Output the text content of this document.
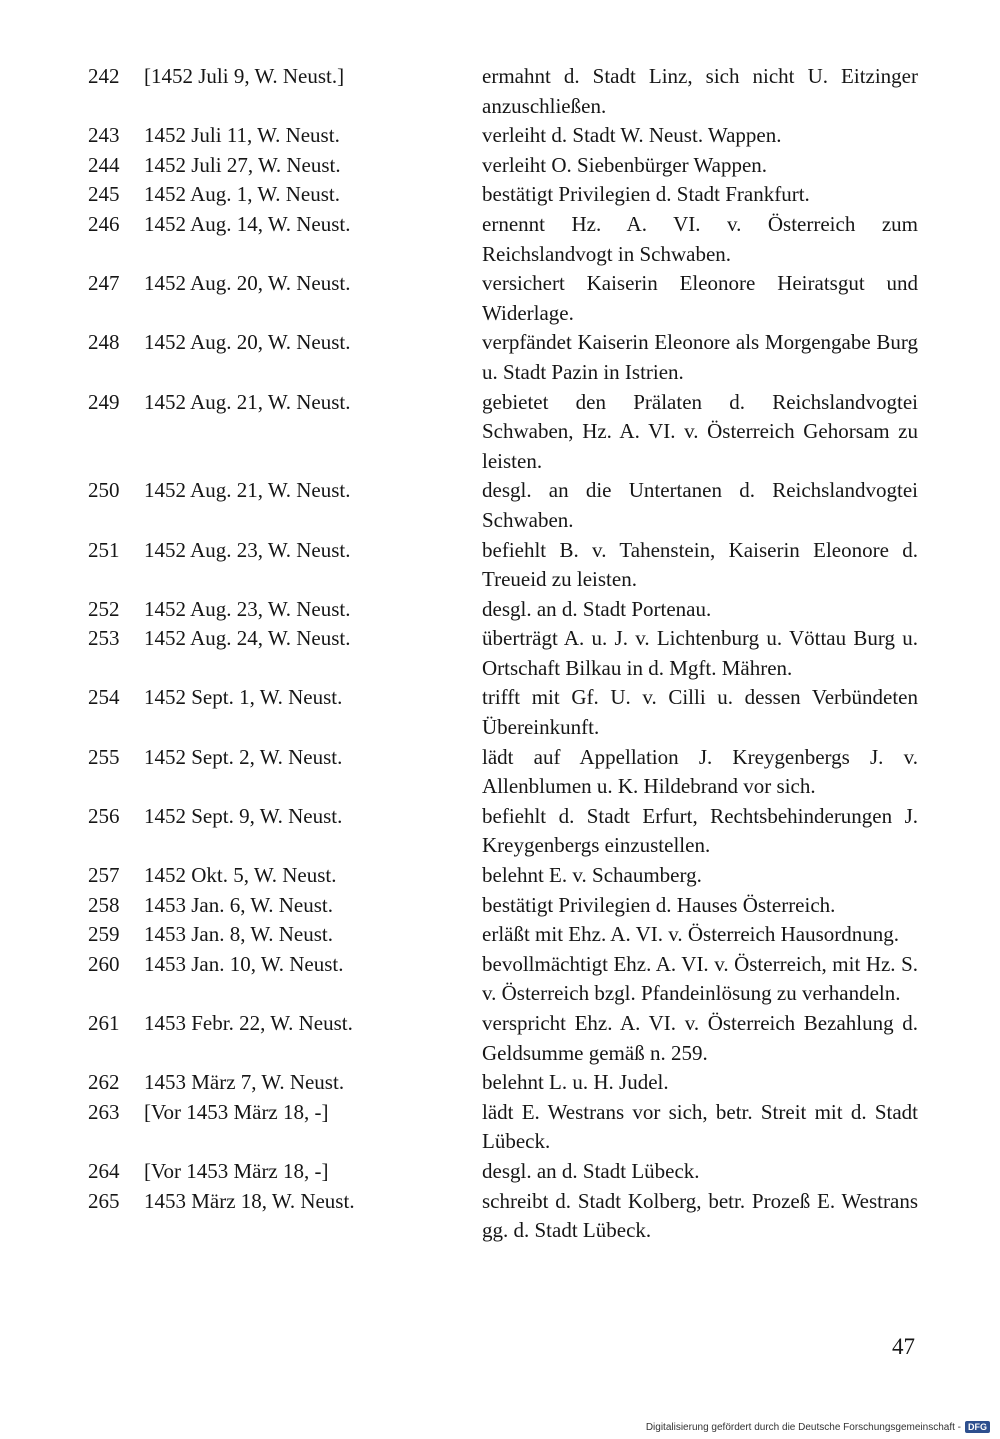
242	[1452 Juli 9, W. Neust.]	ermahnt d. Stadt Linz, sich nicht U. Eitzinger anzuschließen.
243	1452 Juli 11, W. Neust.	verleiht d. Stadt W. Neust. Wappen.
244	1452 Juli 27, W. Neust.	verleiht O. Siebenbürger Wappen.
245	1452 Aug. 1, W. Neust.	bestätigt Privilegien d. Stadt Frankfurt.
246	1452 Aug. 14, W. Neust.	ernennt Hz. A. VI. v. Österreich zum Reichslandvogt in Schwaben.
247	1452 Aug. 20, W. Neust.	versichert Kaiserin Eleonore Heiratsgut und Widerlage.
248	1452 Aug. 20, W. Neust.	verpfändet Kaiserin Eleonore als Morgengabe Burg u. Stadt Pazin in Istrien.
249	1452 Aug. 21, W. Neust.	gebietet den Prälaten d. Reichslandvogtei Schwaben, Hz. A. VI. v. Österreich Gehorsam zu leisten.
250	1452 Aug. 21, W. Neust.	desgl. an die Untertanen d. Reichslandvogtei Schwaben.
251	1452 Aug. 23, W. Neust.	befiehlt B. v. Tahenstein, Kaiserin Eleonore d. Treueid zu leisten.
252	1452 Aug. 23, W. Neust.	desgl. an d. Stadt Portenau.
253	1452 Aug. 24, W. Neust.	überträgt A. u. J. v. Lichtenburg u. Vöttau Burg u. Ortschaft Bilkau in d. Mgft. Mähren.
254	1452 Sept. 1, W. Neust.	trifft mit Gf. U. v. Cilli u. dessen Verbündeten Übereinkunft.
255	1452 Sept. 2, W. Neust.	lädt auf Appellation J. Kreygenbergs J. v. Allenblumen u. K. Hildebrand vor sich.
256	1452 Sept. 9, W. Neust.	befiehlt d. Stadt Erfurt, Rechtsbehinderungen J. Kreygenbergs einzustellen.
257	1452 Okt. 5, W. Neust.	belehnt E. v. Schaumberg.
258	1453 Jan. 6, W. Neust.	bestätigt Privilegien d. Hauses Österreich.
259	1453 Jan. 8, W. Neust.	erläßt mit Ehz. A. VI. v. Österreich Hausordnung.
260	1453 Jan. 10, W. Neust.	bevollmächtigt Ehz. A. VI. v. Österreich, mit Hz. S. v. Österreich bzgl. Pfandeinlösung zu verhandeln.
261	1453 Febr. 22, W. Neust.	verspricht Ehz. A. VI. v. Österreich Bezahlung d. Geldsumme gemäß n. 259.
262	1453 März 7, W. Neust.	belehnt L. u. H. Judel.
263	[Vor 1453 März 18, -]	lädt E. Westrans vor sich, betr. Streit mit d. Stadt Lübeck.
264	[Vor 1453 März 18, -]	desgl. an d. Stadt Lübeck.
265	1453 März 18, W. Neust.	schreibt d. Stadt Kolberg, betr. Prozeß E. Westrans gg. d. Stadt Lübeck.
47
Digitalisierung gefördert durch die Deutsche Forschungsgemeinschaft - DFG
